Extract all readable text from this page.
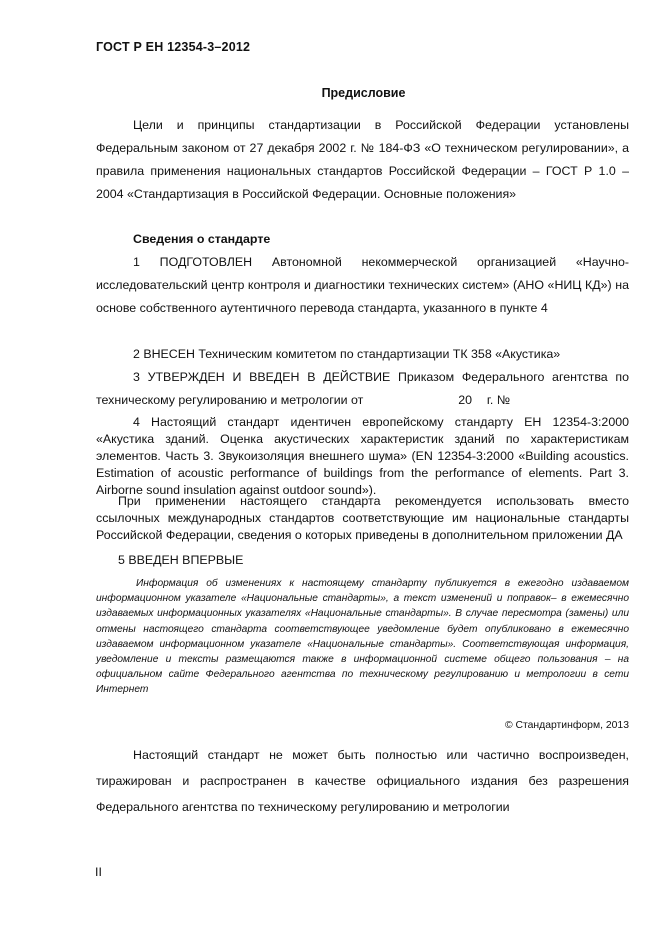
ГОСТ Р ЕН 12354-3–2012
Предисловие
Цели и принципы стандартизации в Российской Федерации установлены Федеральным законом от 27 декабря 2002 г. № 184-ФЗ «О техническом регулировании», а правила применения национальных стандартов Российской Федерации – ГОСТ Р 1.0 – 2004 «Стандартизация в Российской Федерации. Основные положения»
Сведения о стандарте
1 ПОДГОТОВЛЕН Автономной некоммерческой организацией «Научно-исследовательский центр контроля и диагностики технических систем» (АНО «НИЦ КД») на основе собственного аутентичного перевода стандарта, указанного в пункте 4
2 ВНЕСЕН Техническим комитетом по стандартизации ТК 358 «Акустика»
3 УТВЕРЖДЕН И ВВЕДЕН В ДЕЙСТВИЕ Приказом Федерального агентства по техническому регулированию и метрологии от	20 г. №
4 Настоящий стандарт идентичен европейскому стандарту ЕН 12354-3:2000 «Акустика зданий. Оценка акустических характеристик зданий по характеристикам элементов. Часть 3. Звукоизоляция внешнего шума» (EN 12354-3:2000 «Building acoustics. Estimation of acoustic performance of buildings from the performance of elements. Part 3. Airborne sound insulation against outdoor sound»).
При применении настоящего стандарта рекомендуется использовать вместо ссылочных международных стандартов соответствующие им национальные стандарты Российской Федерации, сведения о которых приведены в дополнительном приложении ДА
5 ВВЕДЕН ВПЕРВЫЕ
Информация об изменениях к настоящему стандарту публикуется в ежегодно издаваемом информационном указателе «Национальные стандарты», а текст изменений и поправок– в ежемесячно издаваемых информационных указателях «Национальные стандарты». В случае пересмотра (замены) или отмены настоящего стандарта соответствующее уведомление будет опубликовано в ежемесячно издаваемом информационном указателе «Национальные стандарты». Соответствующая информация, уведомление и тексты размещаются также в информационной системе общего пользования – на официальном сайте Федерального агентства по техническому регулированию и метрологии в сети Интернет
© Стандартинформ, 2013
Настоящий стандарт не может быть полностью или частично воспроизведен, тиражирован и распространен в качестве официального издания без разрешения Федерального агентства по техническому регулированию и метрологии
II
